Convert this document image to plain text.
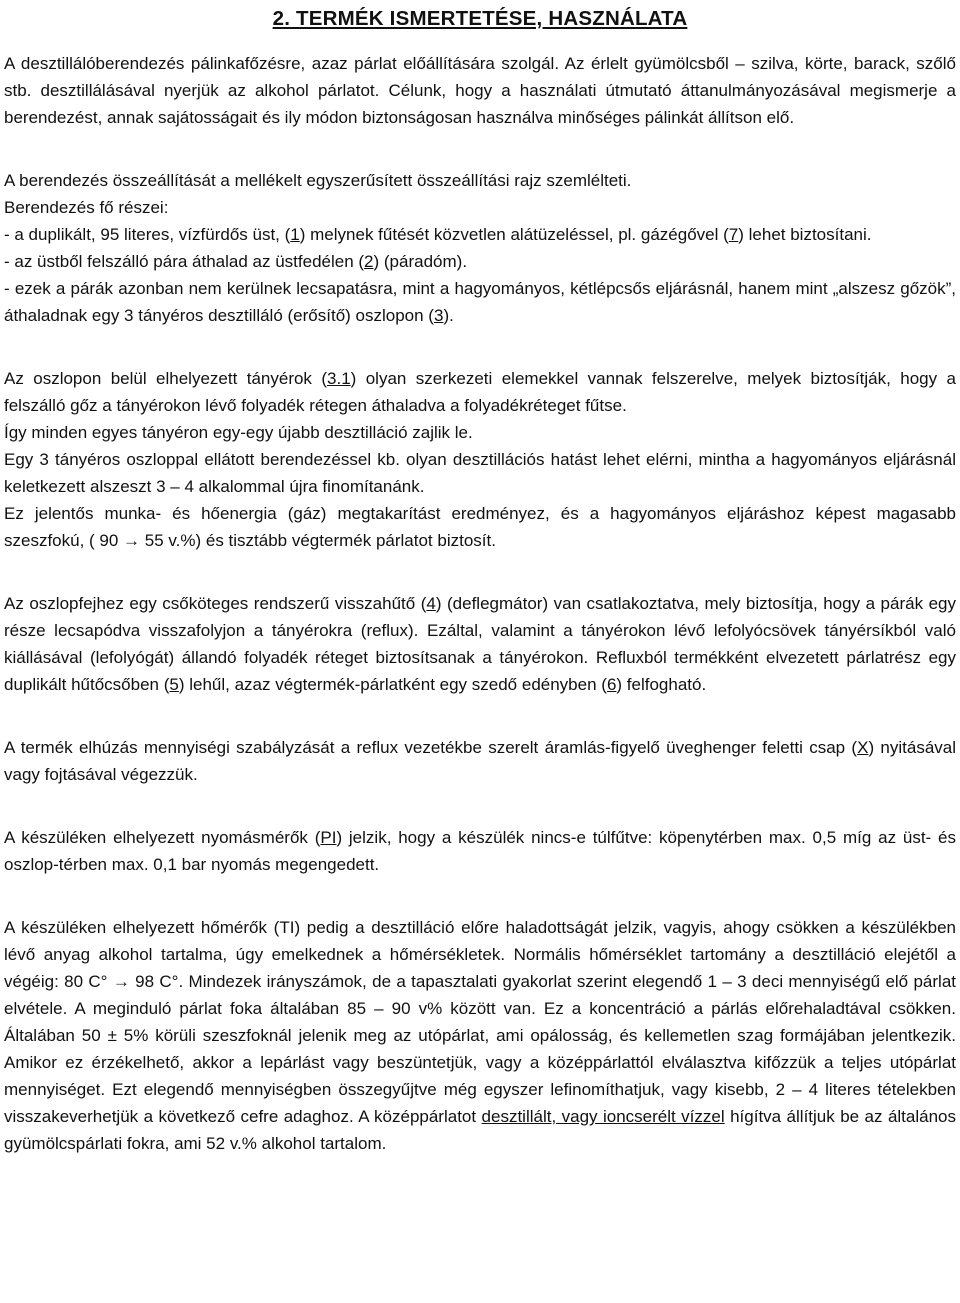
2. TERMÉK ISMERTETÉSE, HASZNÁLATA

A desztillálóberendezés pálinkafőzésre, azaz párlat előállítására szolgál. Az érlelt gyümölcsből – szilva, körte, barack, szőlő stb. desztillálásával nyerjük az alkohol párlatot. Célunk, hogy a használati útmutató áttanulmányozásával megismerje a berendezést, annak sajátosságait és ily módon biztonságosan használva minőséges pálinkát állítson elő.

A berendezés összeállítását a mellékelt egyszerűsített összeállítási rajz szemlélteti.

Berendezés fő részei:

- a duplikált, 95 literes, vízfürdős üst, (1) melynek fűtését közvetlen alátüzeléssel, pl. gázégővel (7) lehet biztosítani.

- az üstből felszálló pára áthalad az üstfedélen (2) (páradóm).

- ezek a párák azonban nem kerülnek lecsapatásra, mint a hagyományos, kétlépcsős eljárásnál, hanem mint „alszesz gőzök”, áthaladnak egy 3 tányéros desztilláló (erősítő) oszlopon (3).

Az oszlopon belül elhelyezett tányérok (3.1) olyan szerkezeti elemekkel vannak felszerelve, melyek biztosítják, hogy a felszálló gőz a tányérokon lévő folyadék rétegen áthaladva a folyadékréteget fűtse.

Így minden egyes tányéron egy-egy újabb desztilláció zajlik le.

Egy 3 tányéros oszloppal ellátott berendezéssel kb. olyan desztillációs hatást lehet elérni, mintha a hagyományos eljárásnál keletkezett alszeszt 3 – 4 alkalommal újra finomítanánk.

Ez jelentős munka- és hőenergia (gáz) megtakarítást eredményez, és a hagyományos eljáráshoz képest magasabb szeszfokú, ( 90 → 55 v.%) és tisztább végtermék párlatot biztosít.

Az oszlopfejhez egy csőköteges rendszerű visszahűtő (4) (deflegmátor) van csatlakoztatva, mely biztosítja, hogy a párák egy része lecsapódva visszafolyjon a tányérokra (reflux). Ezáltal, valamint a tányérokon lévő lefolyócsövek tányérsíkból való kiállásával (lefolyógát) állandó folyadék réteget biztosítsanak a tányérokon. Refluxból termékként elvezetett párlatrész egy duplikált hűtőcsőben (5) lehűl, azaz végtermék-párlatként egy szedő edényben (6) felfogható.

A termék elhúzás mennyiségi szabályzását a reflux vezetékbe szerelt áramlás-figyelő üveghenger feletti csap (X) nyitásával vagy fojtásával végezzük.

A készüléken elhelyezett nyomásmérők (PI) jelzik, hogy a készülék nincs-e túlfűtve: köpenytérben max. 0,5 míg az üst- és oszlop-térben max. 0,1 bar nyomás megengedett.

A készüléken elhelyezett hőmérők (TI) pedig a desztilláció előre haladottságát jelzik, vagyis, ahogy csökken a készülékben lévő anyag alkohol tartalma, úgy emelkednek a hőmérsékletek. Normális hőmérséklet tartomány a desztilláció elejétől a végéig: 80 C° → 98 C°. Mindezek irányszámok, de a tapasztalati gyakorlat szerint elegendő 1 – 3 deci mennyiségű elő párlat elvétele. A meginduló párlat foka általában 85 – 90 v% között van. Ez a koncentráció a párlás előrehaladtával csökken. Általában 50 ± 5% körüli szeszfoknál jelenik meg az utópárlat, ami opálosság, és kellemetlen szag formájában jelentkezik. Amikor ez érzékelhető, akkor a lepárlást vagy beszüntetjük, vagy a középpárlattól elválasztva kifőzzük a teljes utópárlat mennyiséget. Ezt elegendő mennyiségben összegyűjtve még egyszer lefinomíthatjuk, vagy kisebb, 2 – 4 literes tételekben visszakeverhetjük a következő cefre adaghoz. A középpárlatot desztillált, vagy ioncserélt vízzel hígítva állítjuk be az általános gyümölcspárlati fokra, ami 52 v.% alkohol tartalom.
